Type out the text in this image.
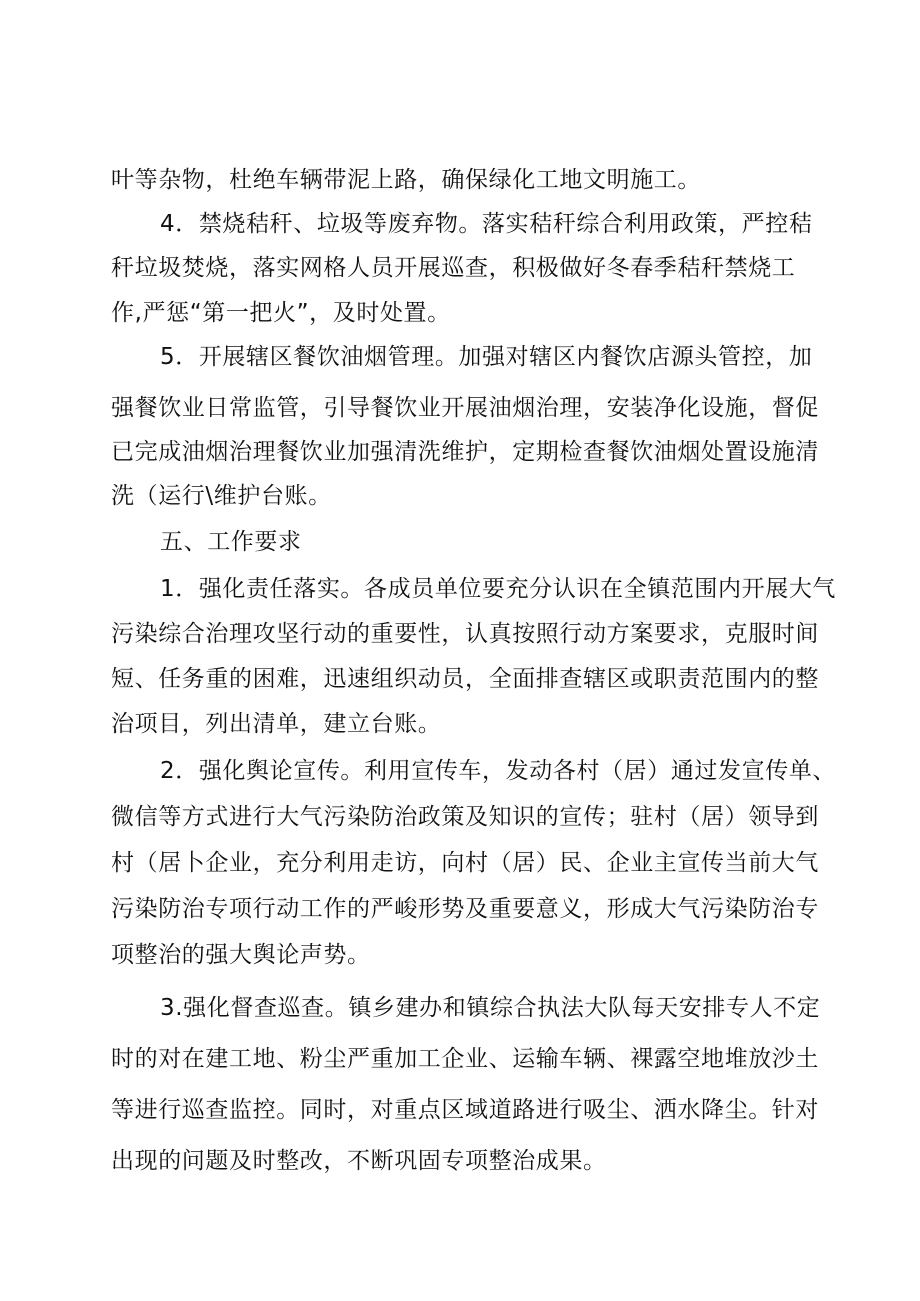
叶等杂物，杜绝车辆带泥上路，确保绿化工地文明施工。
4．禁烧秸秆、垃圾等废弃物。落实秸秆综合利用政策，严控秸
秆垃圾焚烧，落实网格人员开展巡查，积极做好冬春季秸秆禁烧工
作,严惩“第一把火”，及时处置。
5．开展辖区餐饮油烟管理。加强对辖区内餐饮店源头管控，加
强餐饮业日常监管，引导餐饮业开展油烟治理，安装净化设施，督促
已完成油烟治理餐饮业加强清洗维护，定期检查餐饮油烟处置设施清
洗（运行\维护台账。
五、工作要求
1．强化责任落实。各成员单位要充分认识在全镇范围内开展大气
污染综合治理攻坚行动的重要性，认真按照行动方案要求，克服时间
短、任务重的困难，迅速组织动员，全面排查辖区或职责范围内的整
治项目，列出清单，建立台账。
2．强化舆论宣传。利用宣传车，发动各村（居）通过发宣传单、
微信等方式进行大气污染防治政策及知识的宣传；驻村（居）领导到
村（居卜企业，充分利用走访，向村（居）民、企业主宣传当前大气
污染防治专项行动工作的严峻形势及重要意义，形成大气污染防治专
项整治的强大舆论声势。
3.强化督查巡查。镇乡建办和镇综合执法大队每天安排专人不定
时的对在建工地、粉尘严重加工企业、运输车辆、裸露空地堆放沙土
等进行巡查监控。同时，对重点区域道路进行吸尘、洒水降尘。针对
出现的问题及时整改，不断巩固专项整治成果。
